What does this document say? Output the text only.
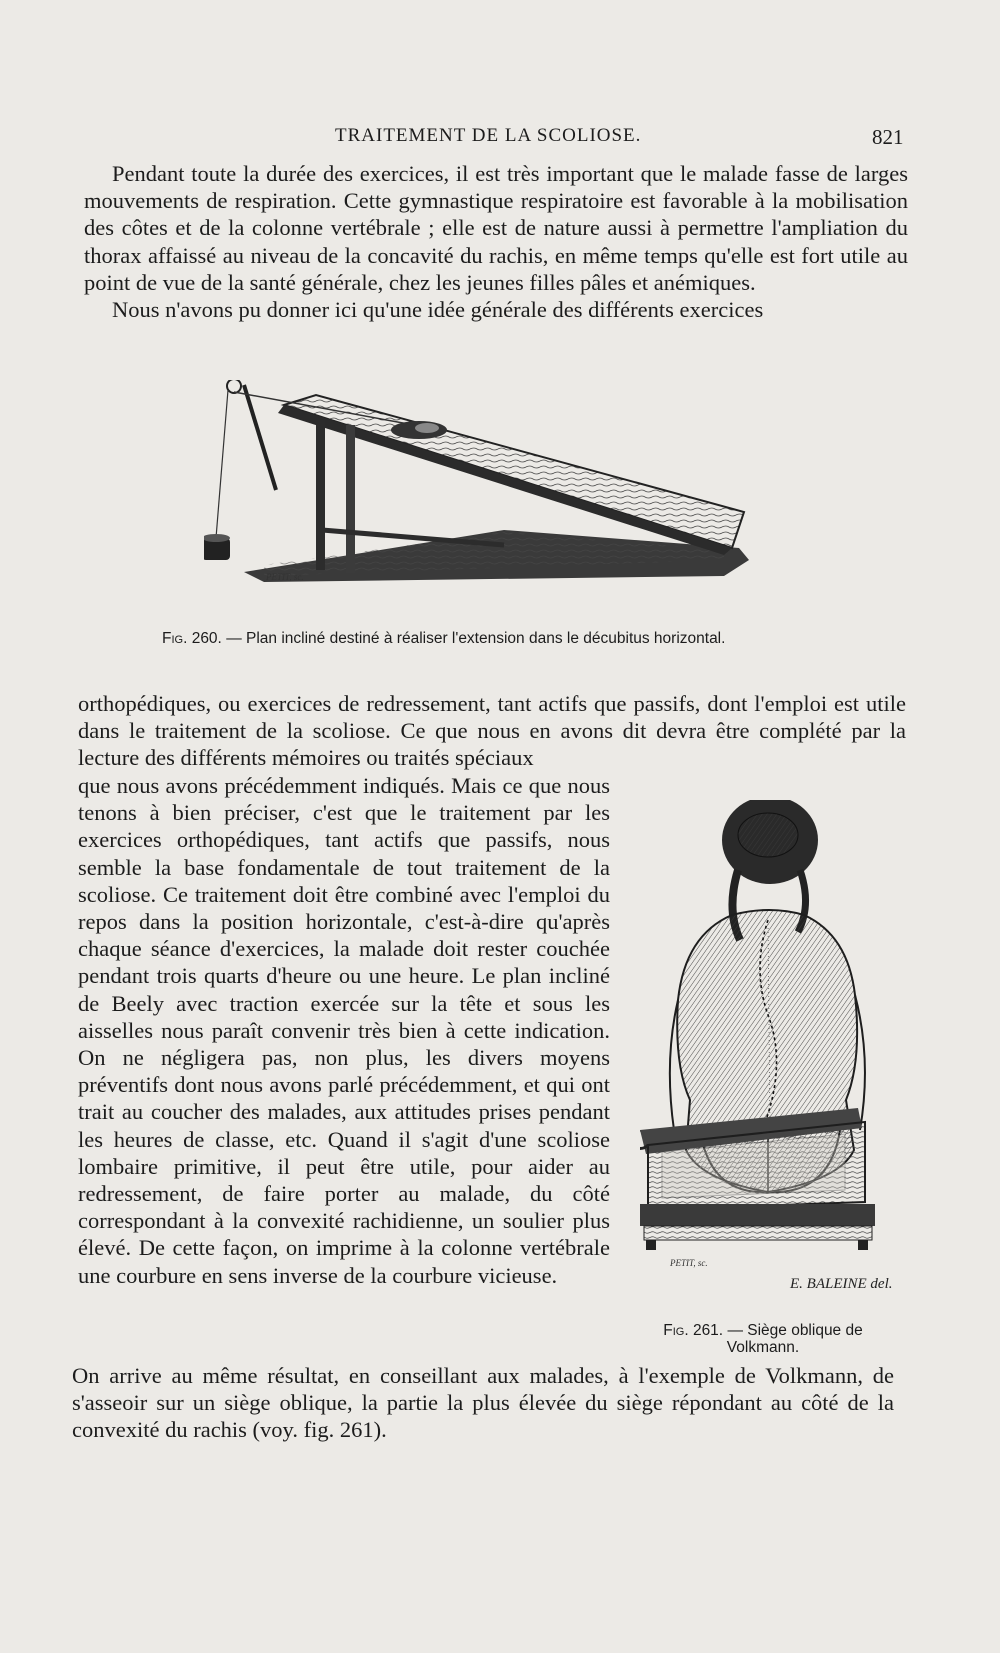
TRAITEMENT DE LA SCOLIOSE.	821

Pendant toute la durée des exercices, il est très important que le malade fasse de larges mouvements de respiration. Cette gymnastique respiratoire est favorable à la mobilisation des côtes et de la colonne vertébrale ; elle est de nature aussi à permettre l'ampliation du thorax affaissé au niveau de la concavité du rachis, en même temps qu'elle est fort utile au point de vue de la santé générale, chez les jeunes filles pâles et anémiques.

Nous n'avons pu donner ici qu'une idée générale des différents exercices

PETIT, sc.
Fig. 260. — Plan incliné destiné à réaliser l'extension dans le décubitus horizontal.

orthopédiques, ou exercices de redressement, tant actifs que passifs, dont l'emploi est utile dans le traitement de la scoliose. Ce que nous en avons dit devra être complété par la lecture des différents mémoires ou traités spéciaux

que nous avons précédemment indiqués. Mais ce que nous tenons à bien préciser, c'est que le traitement par les exercices orthopédiques, tant actifs que passifs, nous semble la base fondamentale de tout traitement de la scoliose. Ce traitement doit être combiné avec l'emploi du repos dans la position horizontale, c'est-à-dire qu'après chaque séance d'exercices, la malade doit rester couchée pendant trois quarts d'heure ou une heure. Le plan incliné de Beely avec traction exercée sur la tête et sous les aisselles nous paraît convenir très bien à cette indication. On ne négligera pas, non plus, les divers moyens préventifs dont nous avons parlé précédemment, et qui ont trait au coucher des malades, aux attitudes prises pendant les heures de classe, etc. Quand il s'agit d'une scoliose lombaire primitive, il peut être utile, pour aider au redressement, de faire porter au malade, du côté correspondant à la convexité rachidienne, un soulier plus élevé. De cette façon, on imprime à la colonne vertébrale une courbure en sens inverse de la courbure vicieuse.	PETIT, sc.
E. BALEINE del.
Fig. 261. — Siège oblique de Volkmann.

On arrive au même résultat, en conseillant aux malades, à l'exemple de Volkmann, de s'asseoir sur un siège oblique, la partie la plus élevée du siège répondant au côté de la convexité du rachis (voy. fig. 261).
